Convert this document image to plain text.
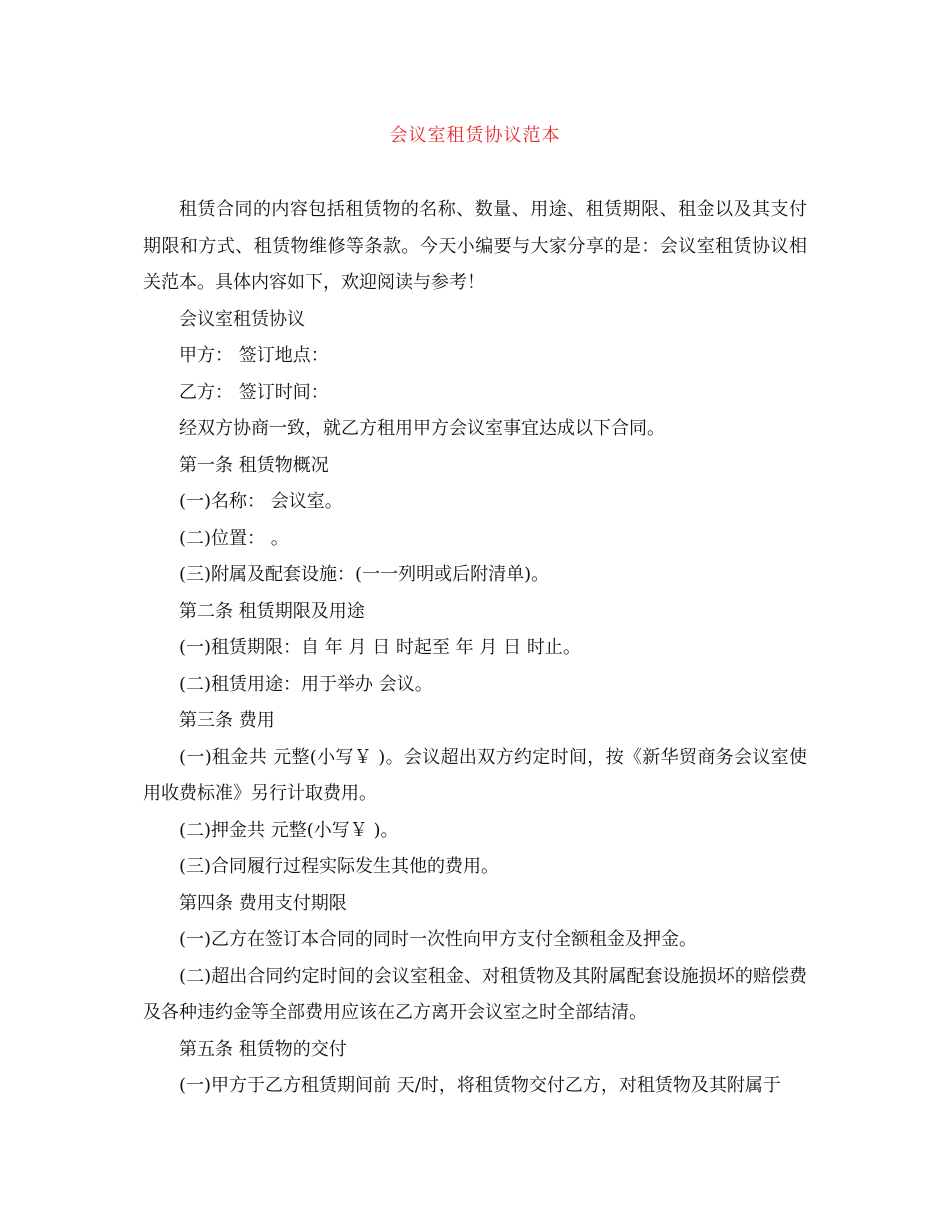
会议室租赁协议范本

租赁合同的内容包括租赁物的名称、数量、用途、租赁期限、租金以及其支付期限和方式、租赁物维修等条款。今天小编要与大家分享的是：会议室租赁协议相关范本。具体内容如下，欢迎阅读与参考！

会议室租赁协议

甲方： 签订地点：

乙方： 签订时间：

经双方协商一致，就乙方租用甲方会议室事宜达成以下合同。

第一条 租赁物概况

(一)名称： 会议室。

(二)位置： 。

(三)附属及配套设施：(一一列明或后附清单)。

第二条 租赁期限及用途

(一)租赁期限：自 年 月 日 时起至 年 月 日 时止。

(二)租赁用途：用于举办 会议。

第三条 费用

(一)租金共 元整(小写￥ )。会议超出双方约定时间，按《新华贸商务会议室使用收费标准》另行计取费用。

(二)押金共 元整(小写￥ )。

(三)合同履行过程实际发生其他的费用。

第四条 费用支付期限

(一)乙方在签订本合同的同时一次性向甲方支付全额租金及押金。

(二)超出合同约定时间的会议室租金、对租赁物及其附属配套设施损坏的赔偿费及各种违约金等全部费用应该在乙方离开会议室之时全部结清。

第五条 租赁物的交付

(一)甲方于乙方租赁期间前 天/时，将租赁物交付乙方，对租赁物及其附属于
